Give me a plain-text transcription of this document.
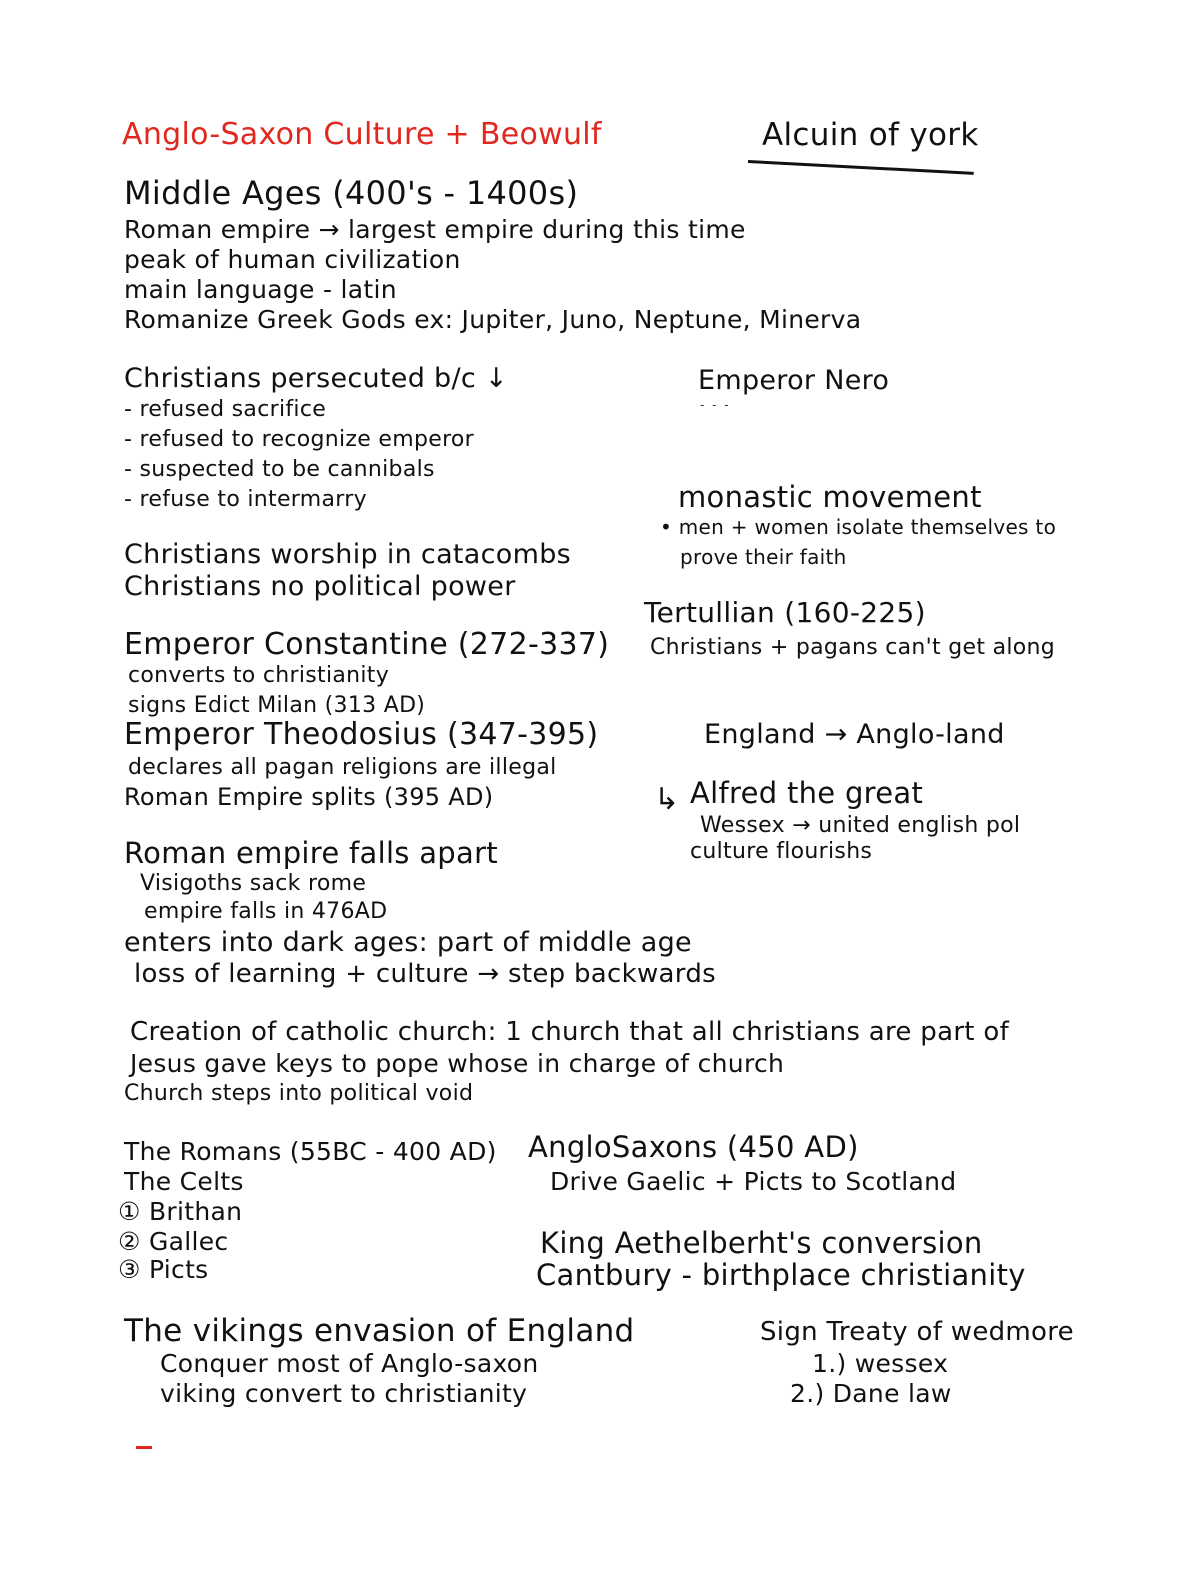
Anglo-Saxon Culture + Beowulf	Alcuin of york
Middle Ages (400's - 1400s)
Roman empire → largest empire during this time
peak of human civilization
main language - latin
Romanize Greek Gods ex: Jupiter, Juno, Neptune, Minerva
Christians persecuted b/c ↓
- refused sacrifice
- refused to recognize emperor
- suspected to be cannibals
- refuse to intermarry
Christians worship in catacombs
Christians no political power
Emperor Constantine (272-337)
converts to christianity
signs Edict Milan (313 AD)
Emperor Theodosius (347-395)
declares all pagan religions are illegal
Roman Empire splits (395 AD)
Roman empire falls apart
Visigoths sack rome
empire falls in 476AD
enters into dark ages: part of middle age
loss of learning + culture → step backwards
Creation of catholic church: 1 church that all christians are part of
Jesus gave keys to pope whose in charge of church
Church steps into political void
The Romans (55BC - 400 AD)
The Celts
① Brithan
② Gallec
③ Picts
The vikings envasion of England
Conquer most of Anglo-saxon
viking convert to christianity
Emperor Nero
- - -
monastic movement
• men + women isolate themselves to
prove their faith
Tertullian (160-225)
Christians + pagans can't get along
England → Anglo-land
↳ Alfred the great
Wessex → united english pol
culture flourishs
AngloSaxons (450 AD)
Drive Gaelic + Picts to Scotland
King Aethelberht's conversion
Cantbury - birthplace christianity
Sign Treaty of wedmore
1.) wessex
2.) Dane law
